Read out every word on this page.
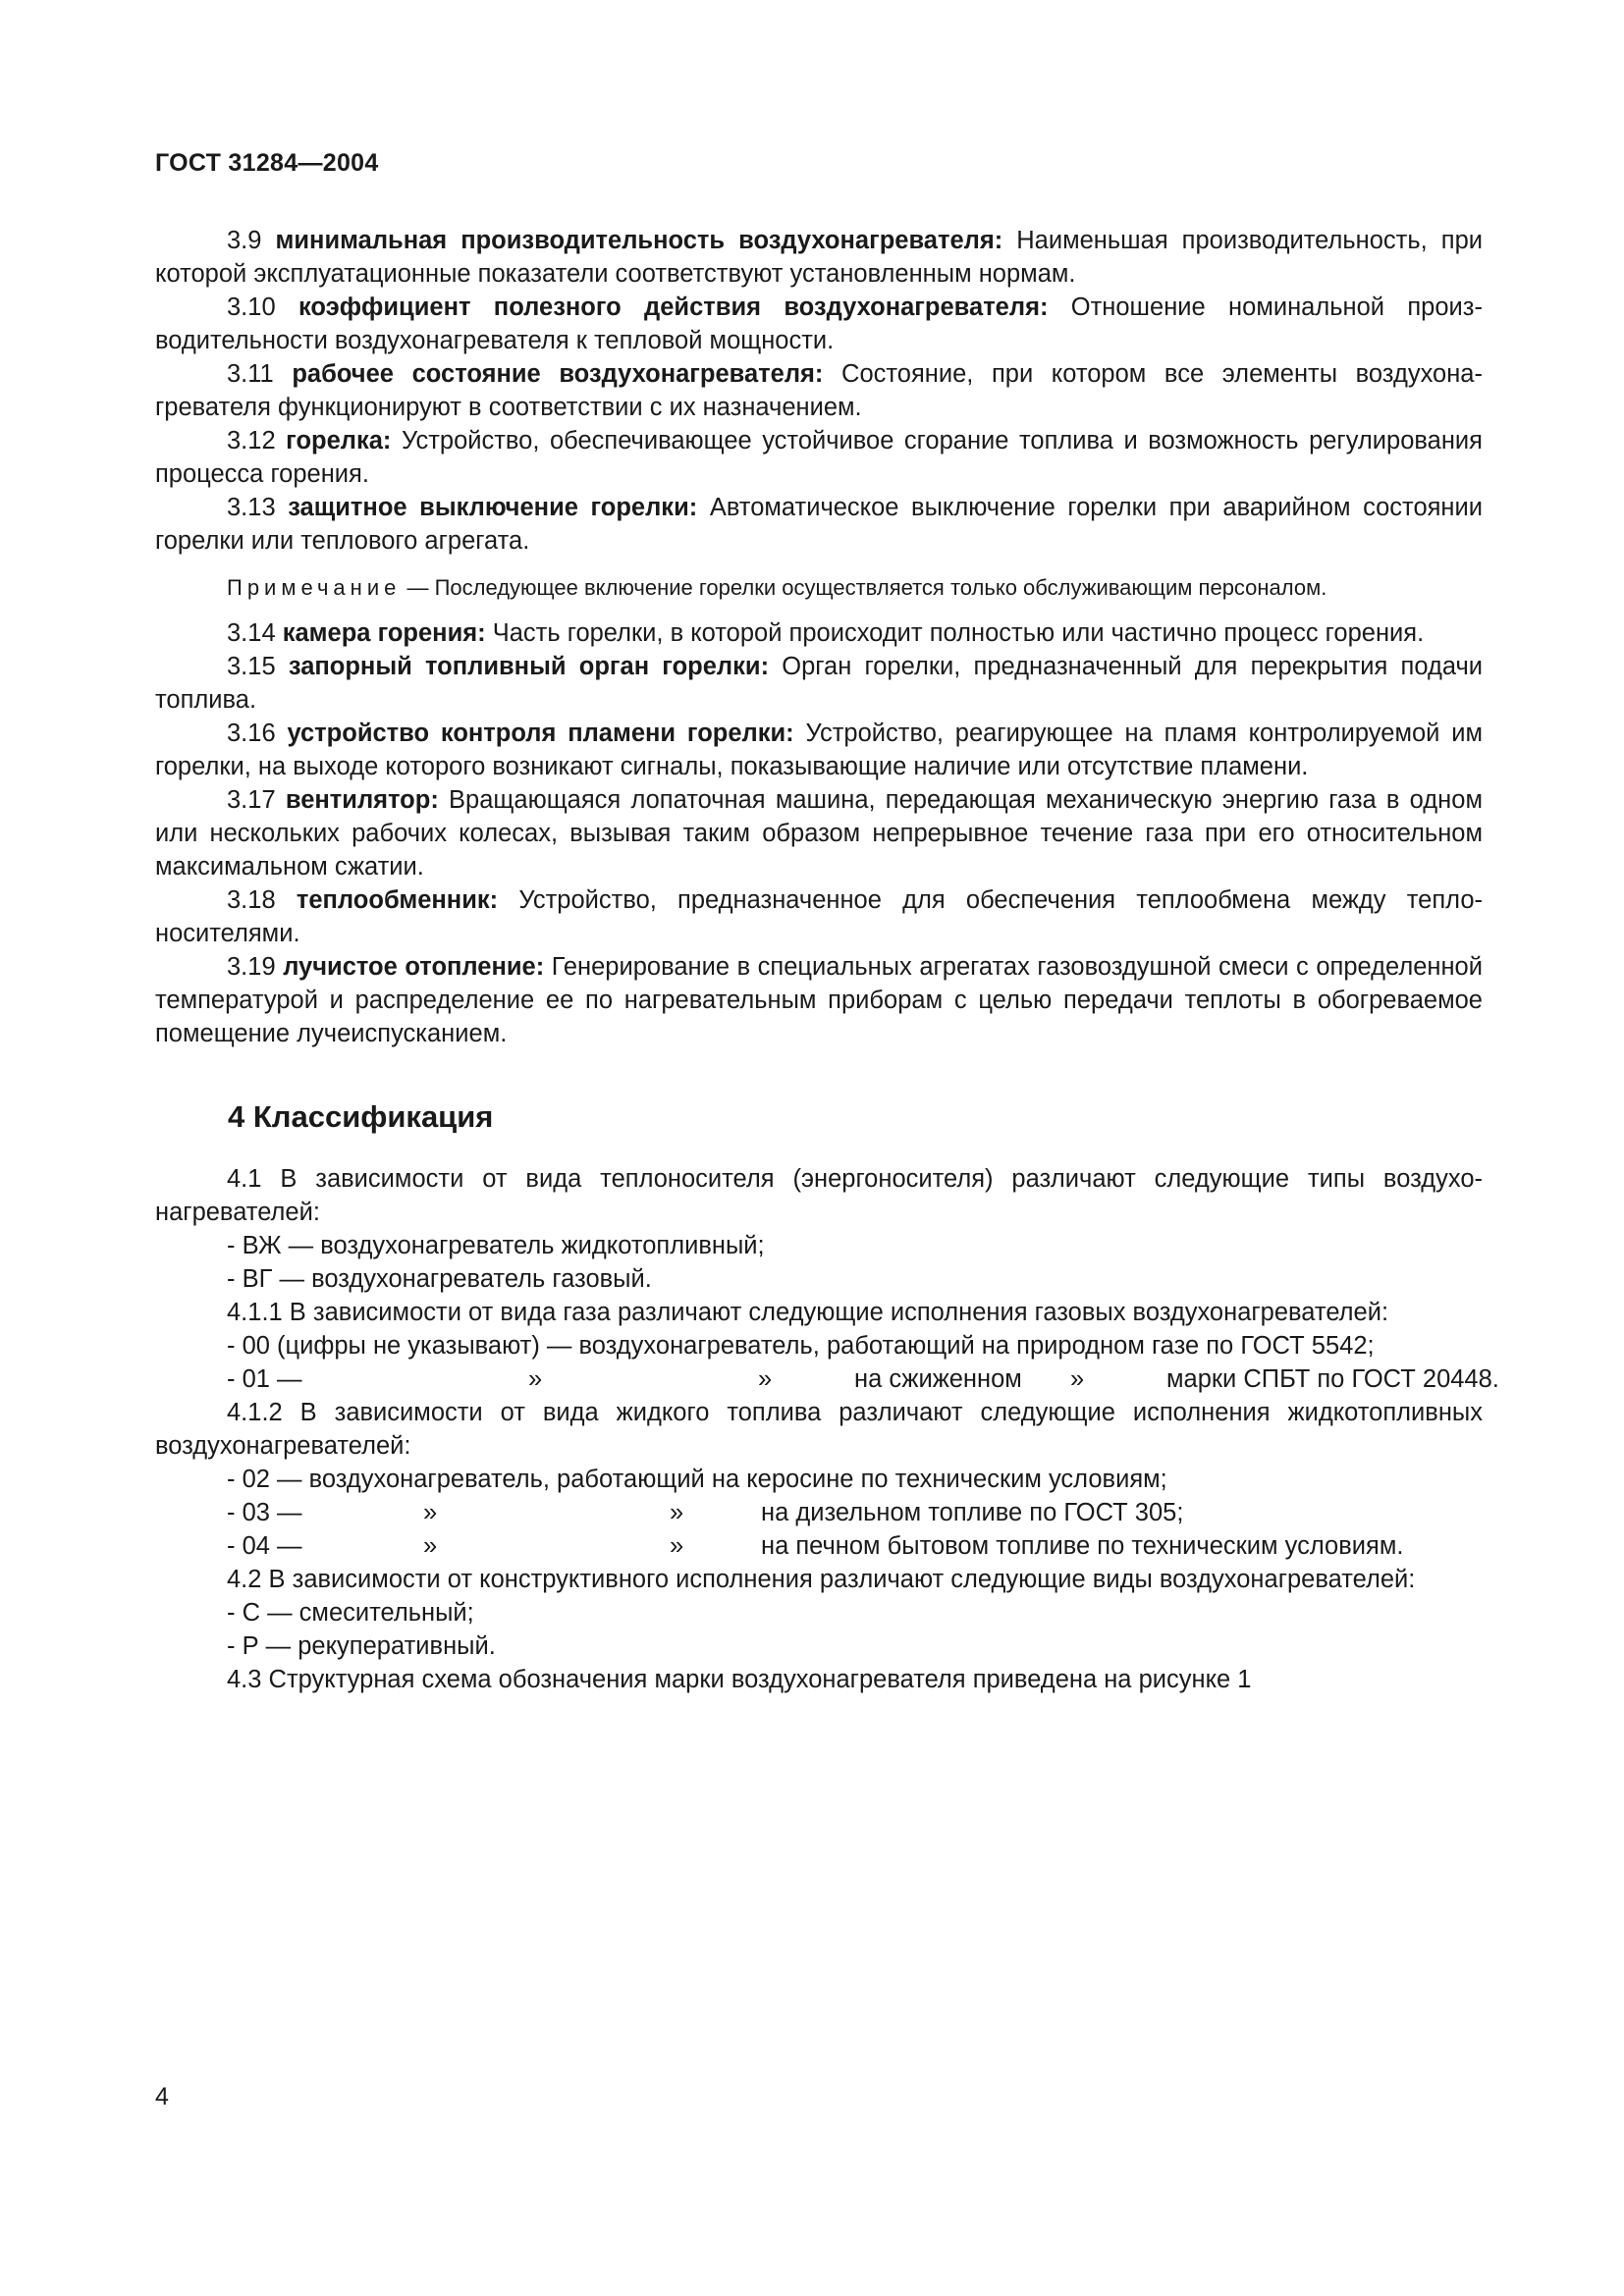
ГОСТ 31284—2004

3.9 минимальная производительность воздухонагревателя: Наименьшая производительность, при которой эксплуатационные показатели соответствуют установленным нормам.

3.10 коэффициент полезного действия воздухонагревателя: Отношение номинальной производительности воздухонагревателя к тепловой мощности.

3.11 рабочее состояние воздухонагревателя: Состояние, при котором все элементы воздухонагревателя функционируют в соответствии с их назначением.

3.12 горелка: Устройство, обеспечивающее устойчивое сгорание топлива и возможность регулирования процесса горения.

3.13 защитное выключение горелки: Автоматическое выключение горелки при аварийном состоянии горелки или теплового агрегата.

Примечание — Последующее включение горелки осуществляется только обслуживающим персоналом.

3.14 камера горения: Часть горелки, в которой происходит полностью или частично процесс горения.

3.15 запорный топливный орган горелки: Орган горелки, предназначенный для перекрытия подачи топлива.

3.16 устройство контроля пламени горелки: Устройство, реагирующее на пламя контролируемой им горелки, на выходе которого возникают сигналы, показывающие наличие или отсутствие пламени.

3.17 вентилятор: Вращающаяся лопаточная машина, передающая механическую энергию газа в одном или нескольких рабочих колесах, вызывая таким образом непрерывное течение газа при его относительном максимальном сжатии.

3.18 теплообменник: Устройство, предназначенное для обеспечения теплообмена между теплоносителями.

3.19 лучистое отопление: Генерирование в специальных агрегатах газовоздушной смеси с определенной температурой и распределение ее по нагревательным приборам с целью передачи теплоты в обогреваемое помещение лучеиспусканием.

4 Классификация

4.1 В зависимости от вида теплоносителя (энергоносителя) различают следующие типы воздухонагревателей:

- ВЖ — воздухонагреватель жидкотопливный;

- ВГ — воздухонагреватель газовый.

4.1.1 В зависимости от вида газа различают следующие исполнения газовых воздухонагревателей:

- 00 (цифры не указывают) — воздухонагреватель, работающий на природном газе по ГОСТ 5542;

- 01 —	»	»	на сжиженном »	марки СПБТ по ГОСТ 20448.

4.1.2 В зависимости от вида жидкого топлива различают следующие исполнения жидкотопливных воздухонагревателей:

- 02 — воздухонагреватель, работающий на керосине по техническим условиям;

- 03 —	»	»	на дизельном топливе по ГОСТ 305;
- 04 —	»	»	на печном бытовом топливе по техническим условиям.

4.2 В зависимости от конструктивного исполнения различают следующие виды воздухонагревателей:

- С — смесительный;

- Р — рекуперативный.

4.3 Структурная схема обозначения марки воздухонагревателя приведена на рисунке 1

4
